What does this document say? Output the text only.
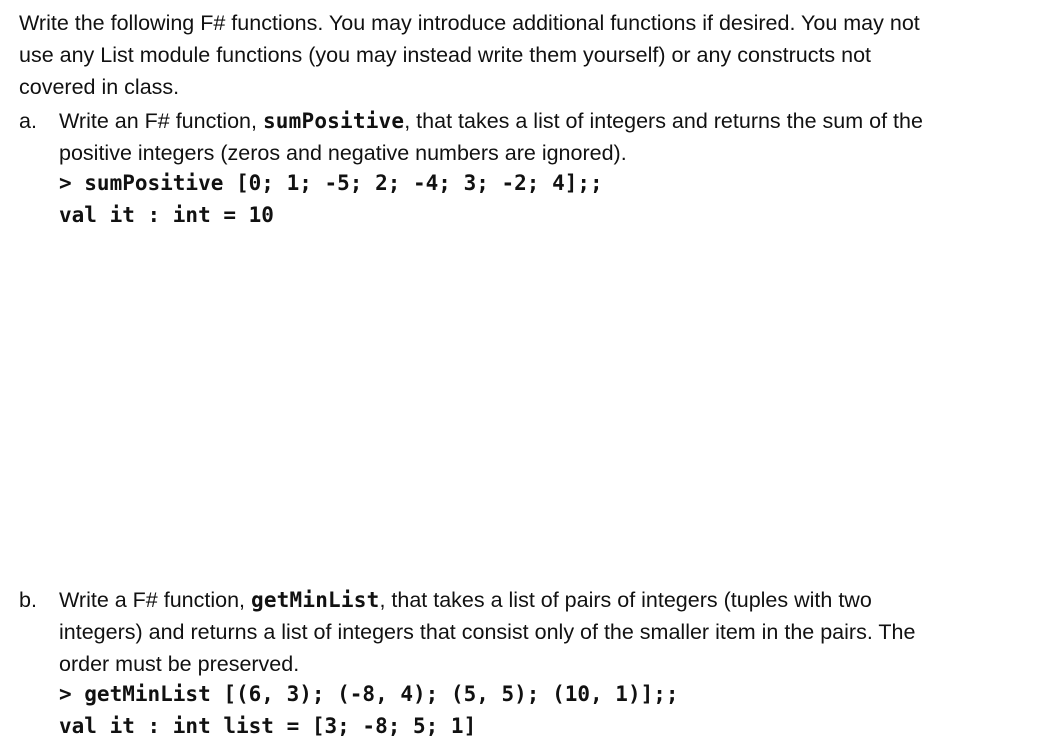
Write the following F# functions. You may introduce additional functions if desired. You may not
use any List module functions (you may instead write them yourself) or any constructs not
covered in class.
a. Write an F# function, sumPositive, that takes a list of integers and returns the sum of the
positive integers (zeros and negative numbers are ignored).
> sumPositive [0; 1; -5; 2; -4; 3; -2; 4];;
val it : int = 10
b. Write a F# function, getMinList, that takes a list of pairs of integers (tuples with two
integers) and returns a list of integers that consist only of the smaller item in the pairs. The
order must be preserved.
> getMinList [(6, 3); (-8, 4); (5, 5); (10, 1)];;
val it : int list = [3; -8; 5; 1]
